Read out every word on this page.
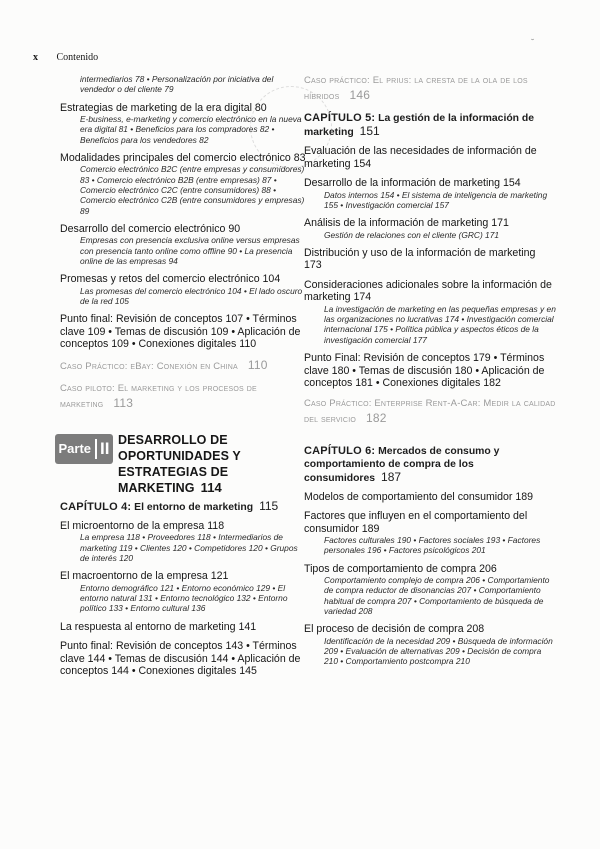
x Contenido
˘

intermediarios 78 • Personalización por iniciativa del vendedor o del cliente 79

Estrategias de marketing de la era digital 80

E-business, e-marketing y comercio electrónico en la nueva era digital 81 • Beneficios para los compradores 82 • Beneficios para los vendedores 82

Modalidades principales del comercio electrónico 83

Comercio electrónico B2C (entre empresas y consumidores) 83 • Comercio electrónico B2B (entre empresas) 87 • Comercio electrónico C2C (entre consumidores) 88 • Comercio electrónico C2B (entre consumidores y empresas) 89

Desarrollo del comercio electrónico 90

Empresas con presencia exclusiva online versus empresas con presencia tanto online como offline 90 • La presencia online de las empresas 94

Promesas y retos del comercio electrónico 104

Las promesas del comercio electrónico 104 • El lado oscuro de la red 105

Punto final: Revisión de conceptos 107 • Términos clave 109 • Temas de discusión 109 • Aplicación de conceptos 109 • Conexiones digitales 110

Caso Práctico: eBay: Conexión en China 110
Caso piloto: El marketing y los procesos de marketing 113
Parte II DESARROLLO DE OPORTUNIDADES Y ESTRATEGIAS DE MARKETING 114
CAPÍTULO 4: El entorno de marketing 115

El microentorno de la empresa 118

La empresa 118 • Proveedores 118 • Intermediarios de marketing 119 • Clientes 120 • Competidores 120 • Grupos de interés 120

El macroentorno de la empresa 121

Entorno demográfico 121 • Entorno económico 129 • El entorno natural 131 • Entorno tecnológico 132 • Entorno político 133 • Entorno cultural 136

La respuesta al entorno de marketing 141

Punto final: Revisión de conceptos 143 • Términos clave 144 • Temas de discusión 144 • Aplicación de conceptos 144 • Conexiones digitales 145

Caso práctico: El prius: la cresta de la ola de los híbridos 146
CAPÍTULO 5: La gestión de la información de marketing 151

Evaluación de las necesidades de información de marketing 154

Desarrollo de la información de marketing 154

Datos internos 154 • El sistema de inteligencia de marketing 155 • Investigación comercial 157

Análisis de la información de marketing 171

Gestión de relaciones con el cliente (GRC) 171

Distribución y uso de la información de marketing 173

Consideraciones adicionales sobre la información de marketing 174

La investigación de marketing en las pequeñas empresas y en las organizaciones no lucrativas 174 • Investigación comercial internacional 175 • Política pública y aspectos éticos de la investigación comercial 177

Punto Final: Revisión de conceptos 179 • Términos clave 180 • Temas de discusión 180 • Aplicación de conceptos 181 • Conexiones digitales 182

Caso Práctico: Enterprise Rent-A-Car: Medir la calidad del servicio 182
CAPÍTULO 6: Mercados de consumo y comportamiento de compra de los consumidores 187

Modelos de comportamiento del consumidor 189

Factores que influyen en el comportamiento del consumidor 189

Factores culturales 190 • Factores sociales 193 • Factores personales 196 • Factores psicológicos 201

Tipos de comportamiento de compra 206

Comportamiento complejo de compra 206 • Comportamiento de compra reductor de disonancias 207 • Comportamiento habitual de compra 207 • Comportamiento de búsqueda de variedad 208

El proceso de decisión de compra 208

Identificación de la necesidad 209 • Búsqueda de información 209 • Evaluación de alternativas 209 • Decisión de compra 210 • Comportamiento postcompra 210
